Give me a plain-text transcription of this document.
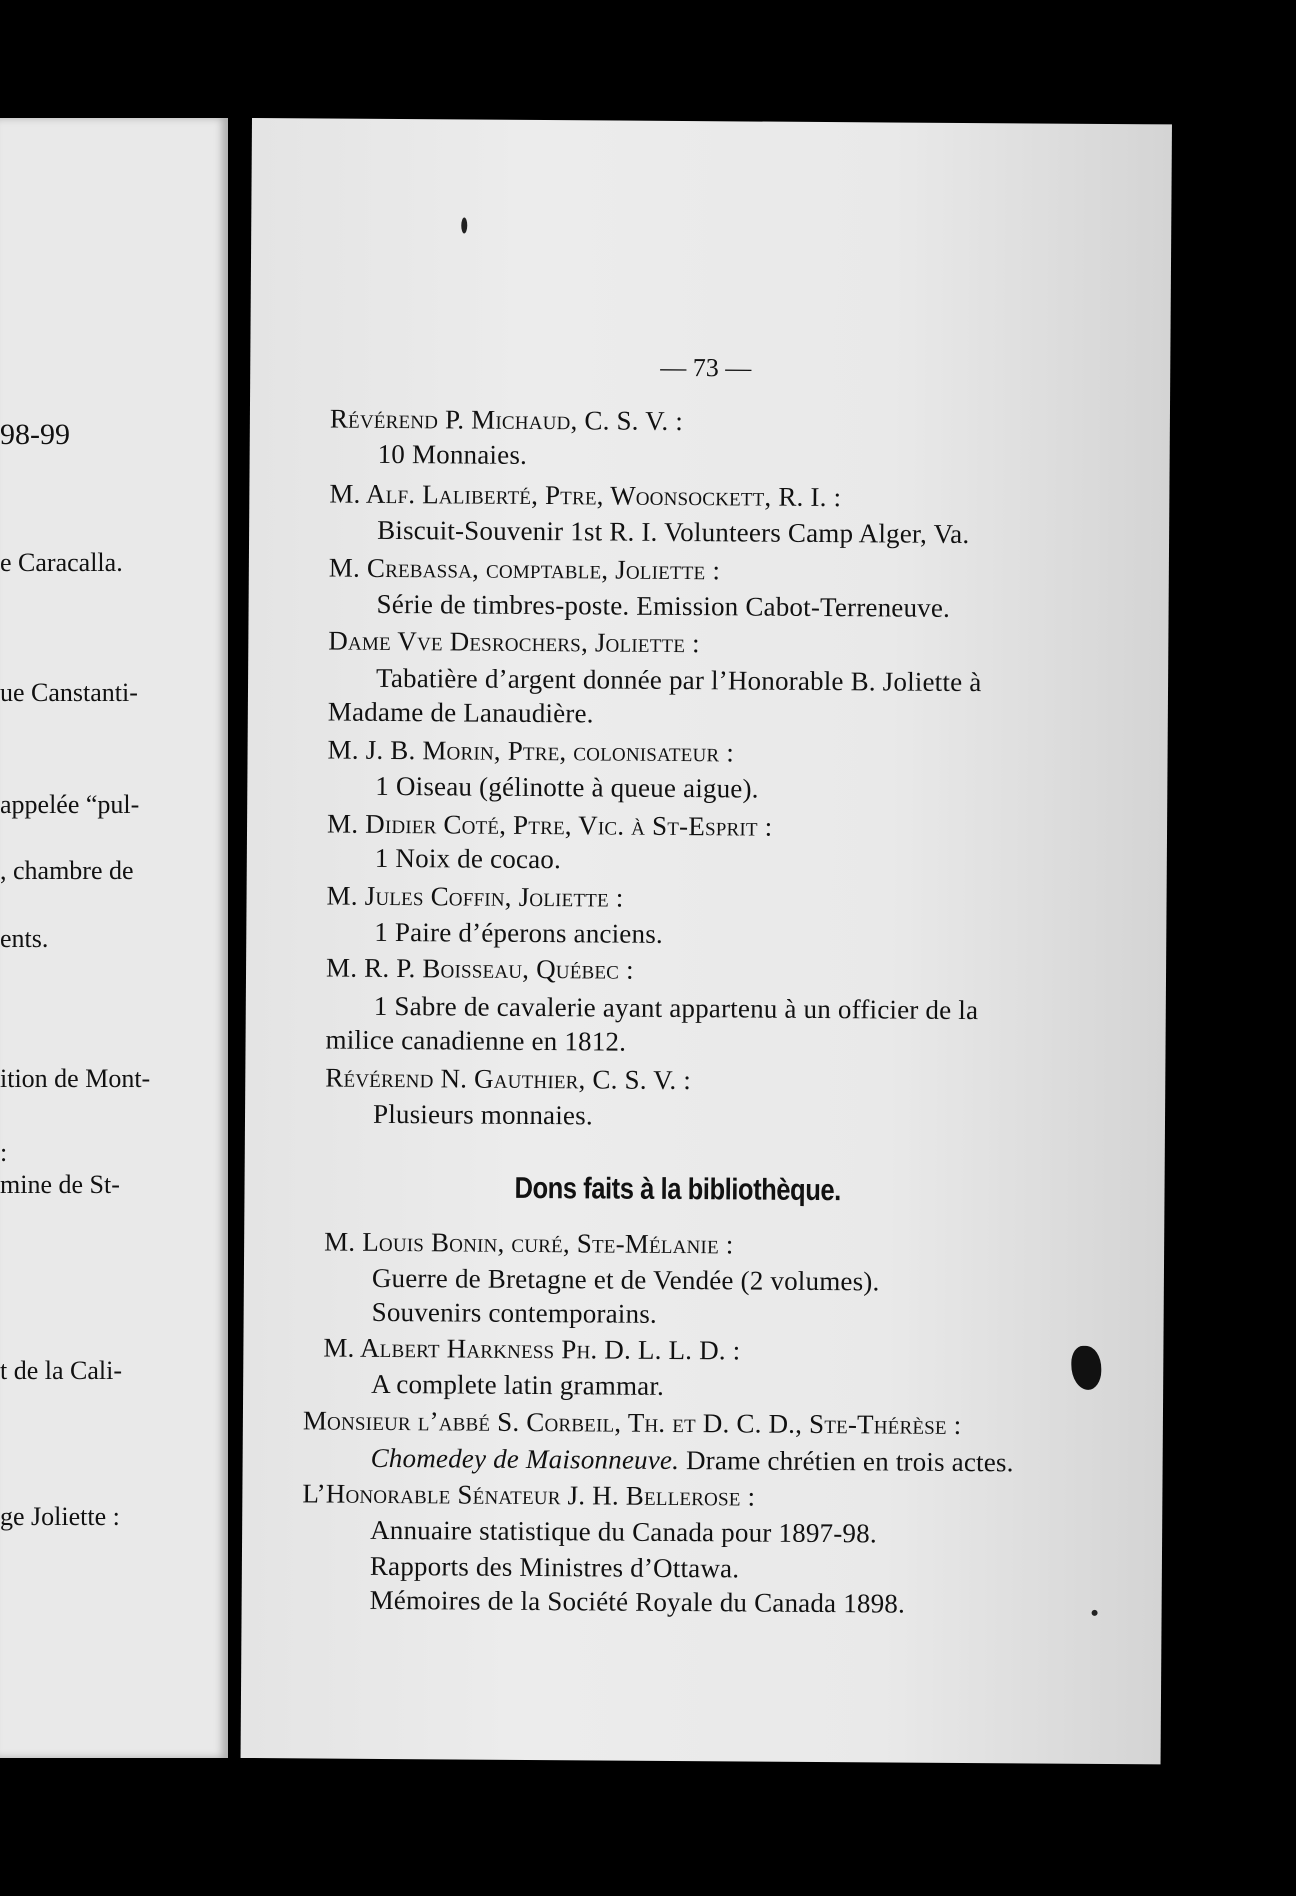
98-99
e Caracalla.
ue Canstanti-
appelée “pul-
, chambre de
ents.
ition de Mont-
:
mine de St-
t de la Cali-
ge Joliette :
— 73 —
Révérend P. Michaud, C. S. V. :
10 Monnaies.
M. Alf. Laliberté, Ptre, Woonsockett, R. I. :
Biscuit-Souvenir 1st R. I. Volunteers Camp Alger, Va.
M. Crebassa, comptable, Joliette :
Série de timbres-poste. Emission Cabot-Terreneuve.
Dame Vve Desrochers, Joliette :
Tabatière d’argent donnée par l’Honorable B. Joliette à
Madame de Lanaudière.
M. J. B. Morin, Ptre, colonisateur :
1 Oiseau (gélinotte à queue aigue).
M. Didier Coté, Ptre, Vic. à St-Esprit :
1 Noix de cocao.
M. Jules Coffin, Joliette :
1 Paire d’éperons anciens.
M. R. P. Boisseau, Québec :
1 Sabre de cavalerie ayant appartenu à un officier de la
milice canadienne en 1812.
Révérend N. Gauthier, C. S. V. :
Plusieurs monnaies.
Dons faits à la bibliothèque.
M. Louis Bonin, curé, Ste-Mélanie :
Guerre de Bretagne et de Vendée (2 volumes).
Souvenirs contemporains.
M. Albert Harkness Ph. D. L. L. D. :
A complete latin grammar.
Monsieur l’abbé S. Corbeil, Th. et D. C. D., Ste-Thérèse :
Chomedey de Maisonneuve. Drame chrétien en trois actes.
L’Honorable Sénateur J. H. Bellerose :
Annuaire statistique du Canada pour 1897-98.
Rapports des Ministres d’Ottawa.
Mémoires de la Société Royale du Canada 1898.
